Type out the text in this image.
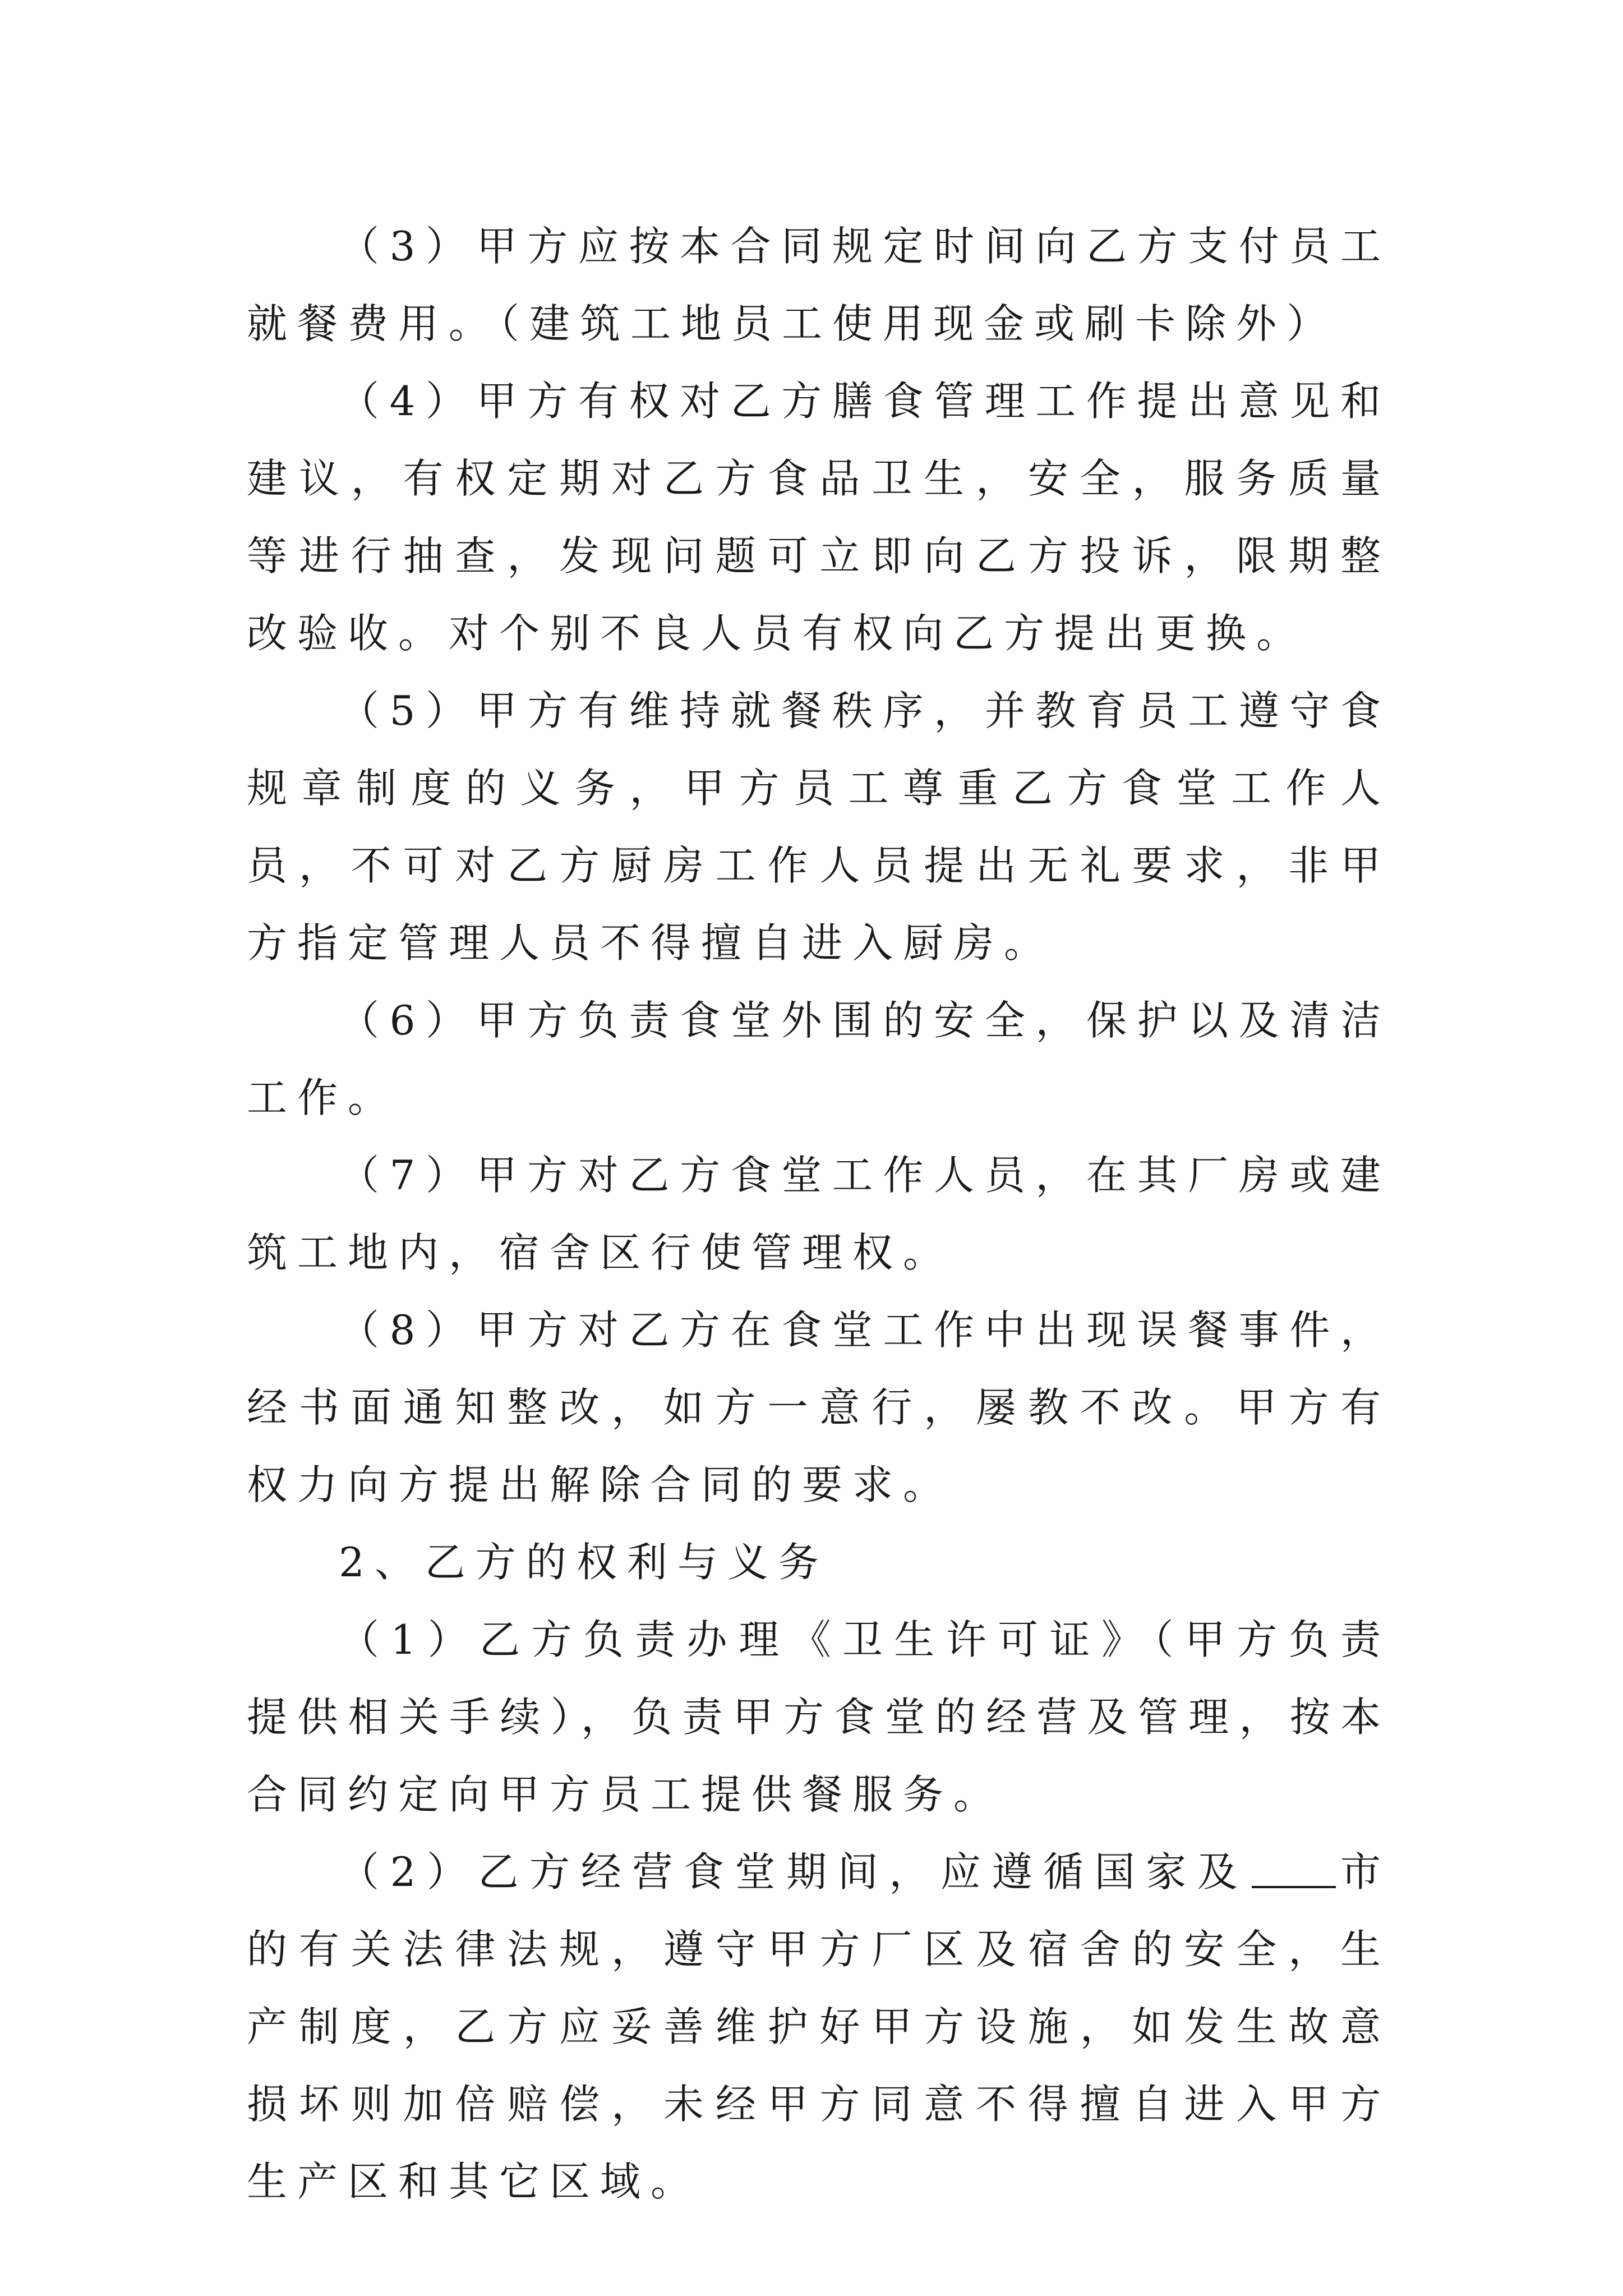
（3）甲方应按本合同规定时间向乙方支付员工就餐费用。（建筑工地员工使用现金或刷卡除外）

（4）甲方有权对乙方膳食管理工作提出意见和建议，有权定期对乙方食品卫生，安全，服务质量等进行抽查，发现问题可立即向乙方投诉，限期整改验收。对个别不良人员有权向乙方提出更换。

（5）甲方有维持就餐秩序，并教育员工遵守食规章制度的义务，甲方员工尊重乙方食堂工作人员，不可对乙方厨房工作人员提出无礼要求，非甲方指定管理人员不得擅自进入厨房。

（6）甲方负责食堂外围的安全，保护以及清洁工作。

（7）甲方对乙方食堂工作人员，在其厂房或建筑工地内，宿舍区行使管理权。

（8）甲方对乙方在食堂工作中出现误餐事件，经书面通知整改，如方一意行，屡教不改。甲方有权力向方提出解除合同的要求。

2、乙方的权利与义务

（1）乙方负责办理《卫生许可证》（甲方负责提供相关手续），负责甲方食堂的经营及管理，按本合同约定向甲方员工提供餐服务。

（2）乙方经营食堂期间，应遵循国家及 市的有关法律法规，遵守甲方厂区及宿舍的安全，生产制度，乙方应妥善维护好甲方设施，如发生故意损坏则加倍赔偿，未经甲方同意不得擅自进入甲方生产区和其它区域。
